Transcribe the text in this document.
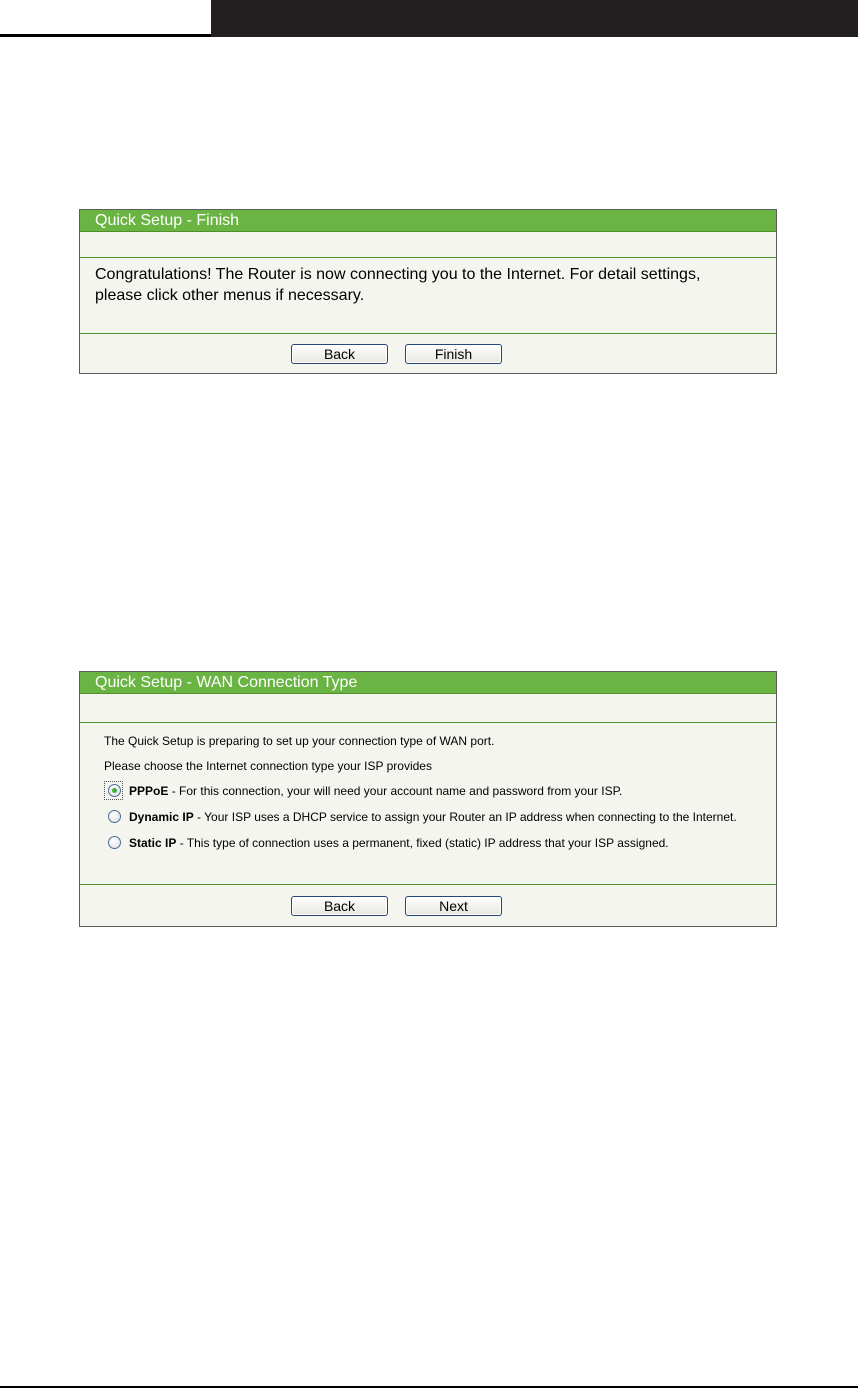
Quick Setup - Finish
Congratulations! The Router is now connecting you to the Internet. For detail settings,
please click other menus if necessary.
Back	Finish
Quick Setup - WAN Connection Type
The Quick Setup is preparing to set up your connection type of WAN port.
Please choose the Internet connection type your ISP provides
PPPoE - For this connection, your will need your account name and password from your ISP.
Dynamic IP - Your ISP uses a DHCP service to assign your Router an IP address when connecting to the Internet.
Static IP - This type of connection uses a permanent, fixed (static) IP address that your ISP assigned.
Back	Next
